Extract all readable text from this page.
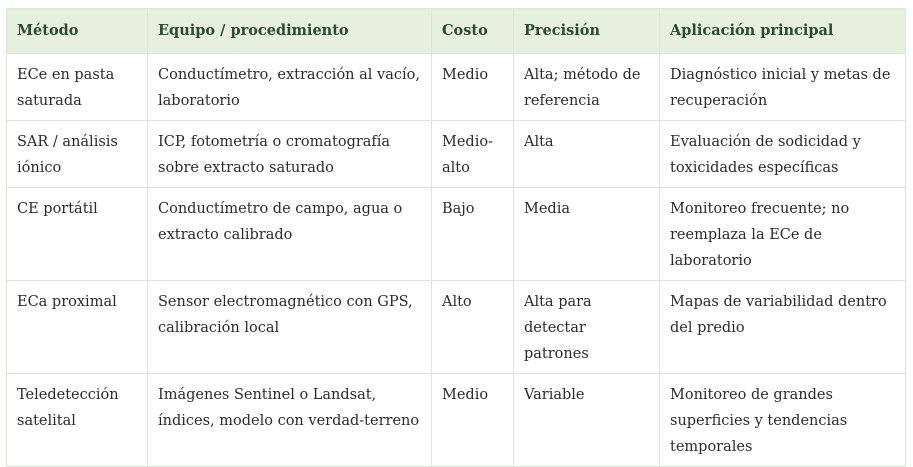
Método	Equipo / procedimiento	Costo	Precisión	Aplicación principal
ECe en pasta saturada	Conductímetro, extracción al vacío, laboratorio	Medio	Alta; método de referencia	Diagnóstico inicial y metas de recuperación
SAR / análisis iónico	ICP, fotometría o cromatografía sobre extracto saturado	Medio-alto	Alta	Evaluación de sodicidad y toxicidades específicas
CE portátil	Conductímetro de campo, agua o extracto calibrado	Bajo	Media	Monitoreo frecuente; no reemplaza la ECe de laboratorio
ECa proximal	Sensor electromagnético con GPS, calibración local	Alto	Alta para detectar patrones	Mapas de variabilidad dentro del predio
Teledetección satelital	Imágenes Sentinel o Landsat, índices, modelo con verdad-terreno	Medio	Variable	Monitoreo de grandes superficies y tendencias temporales
